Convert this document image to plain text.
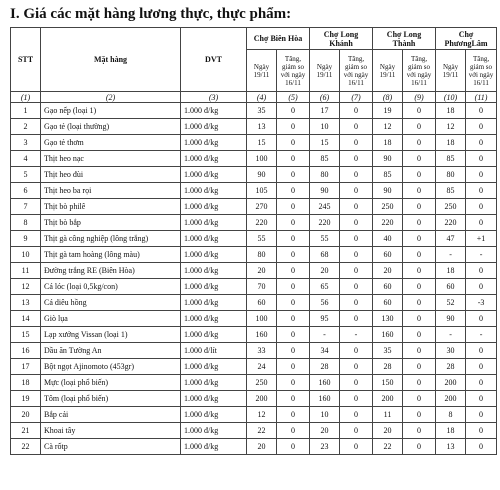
I. Giá các mặt hàng lương thực, thực phẩm:
STT	Mặt hàng	DVT	Chợ Biên Hòa		Chợ Long Khánh		Chợ Long Thành		Chợ PhươngLâm	
			Ngày 19/11	Tăng, giảm so với ngày 16/11	Ngày 19/11	Tăng, giảm so với ngày 16/11	Ngày 19/11	Tăng, giảm so với ngày 16/11	Ngày 19/11	Tăng, giảm so với ngày 16/11
(1)	(2)	(3)	(4)	(5)	(6)	(7)	(8)	(9)	(10)	(11)
1	Gạo nếp (loại 1)	1.000 đ/kg	35	0	17	0	19	0	18	0
2	Gạo tẻ (loại thường)	1.000 đ/kg	13	0	10	0	12	0	12	0
3	Gạo tẻ thơm	1.000 đ/kg	15	0	15	0	18	0	18	0
4	Thịt heo nạc	1.000 đ/kg	100	0	85	0	90	0	85	0
5	Thịt heo đùi	1.000 đ/kg	90	0	80	0	85	0	80	0
6	Thịt heo ba rọi	1.000 đ/kg	105	0	90	0	90	0	85	0
7	Thịt bò philê	1.000 đ/kg	270	0	245	0	250	0	250	0
8	Thịt bò bắp	1.000 đ/kg	220	0	220	0	220	0	220	0
9	Thịt gà công nghiệp (lông trắng)	1.000 đ/kg	55	0	55	0	40	0	47	+1
10	Thịt gà tam hoàng (lông màu)	1.000 đ/kg	80	0	68	0	60	0	-	-
11	Đường trắng RE (Biên Hòa)	1.000 đ/kg	20	0	20	0	20	0	18	0
12	Cá lóc (loại 0,5kg/con)	1.000 đ/kg	70	0	65	0	60	0	60	0
13	Cá diêu hồng	1.000 đ/kg	60	0	56	0	60	0	52	-3
14	Giò lụa	1.000 đ/kg	100	0	95	0	130	0	90	0
15	Lạp xưởng Vissan (loại 1)	1.000 đ/kg	160	0	-	-	160	0	-	-
16	Dầu ăn Tường An	1.000 đ/lít	33	0	34	0	35	0	30	0
17	Bột ngọt Ajinomoto (453gr)	1.000 đ/kg	24	0	28	0	28	0	28	0
18	Mực (loại phổ biến)	1.000 đ/kg	250	0	160	0	150	0	200	0
19	Tôm (loại phổ biến)	1.000 đ/kg	200	0	160	0	200	0	200	0
20	Bắp cải	1.000 đ/kg	12	0	10	0	11	0	8	0
21	Khoai tây	1.000 đ/kg	22	0	20	0	20	0	18	0
22	Cà rốtp	1.000 đ/kg	20	0	23	0	22	0	13	0
